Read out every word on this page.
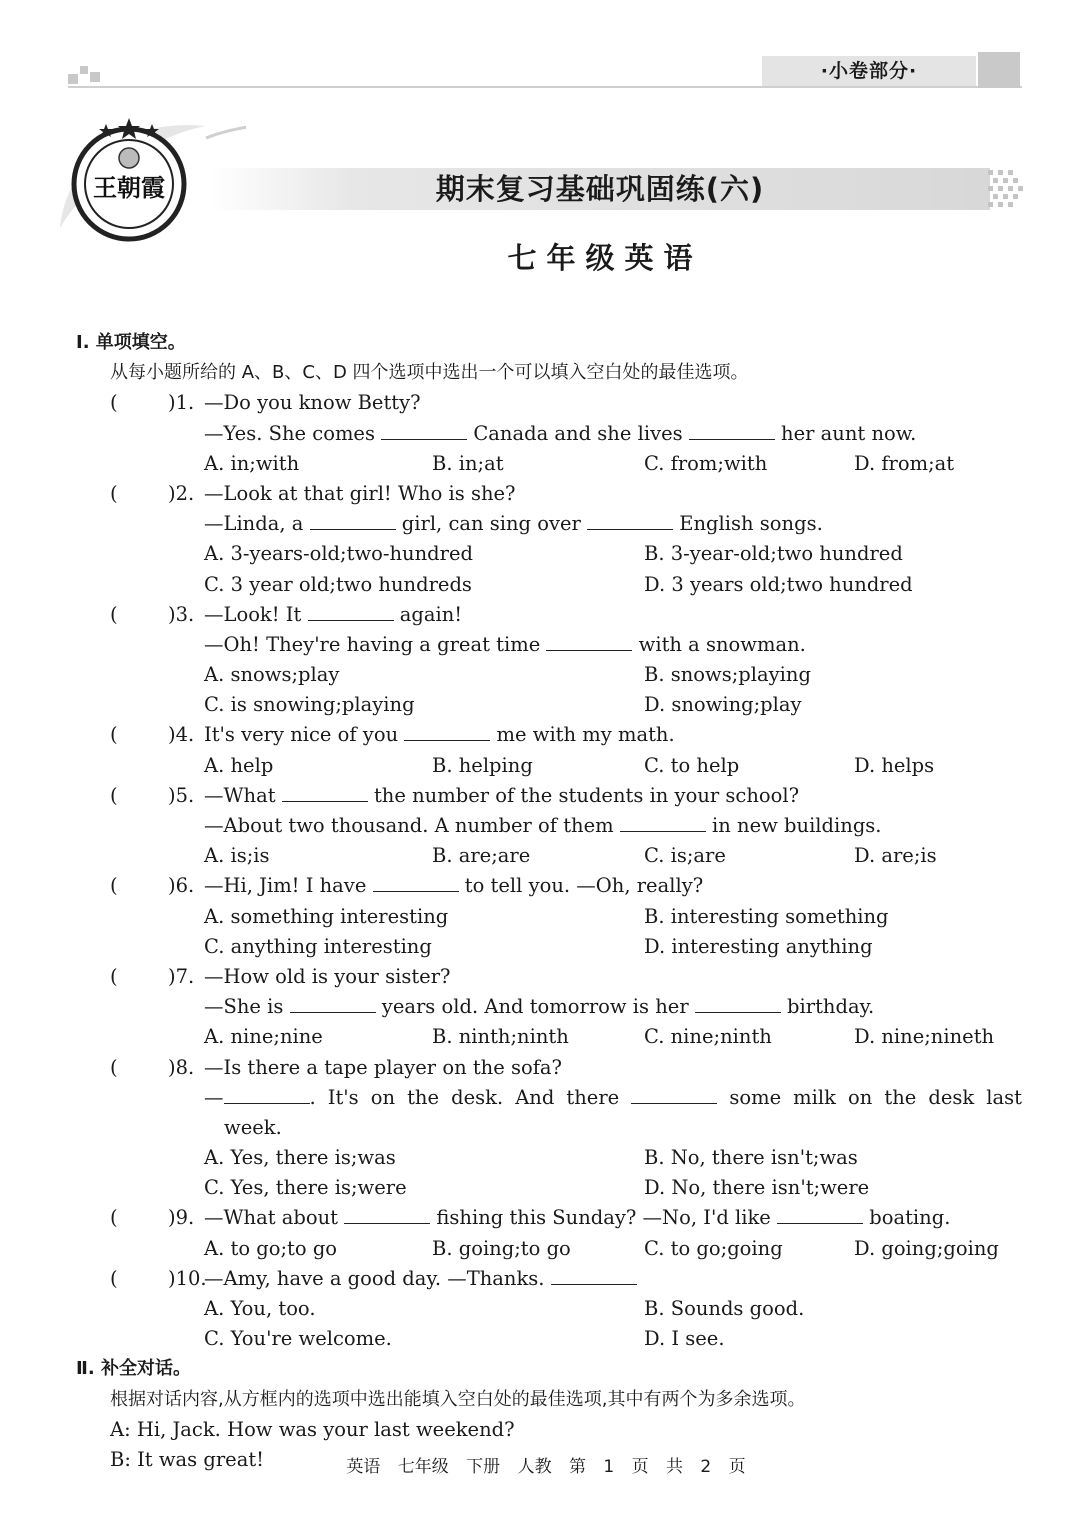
·小卷部分·
王朝霞	期末复习基础巩固练(六)
七年级英语
Ⅰ. 单项填空。
从每小题所给的 A、B、C、D 四个选项中选出一个可以填入空白处的最佳选项。
(	)1. —Do you know Betty?
—Yes. She comes	Canada and she lives	her aunt now.
A. in;with	B. in;at	C. from;with	D. from;at
(	)2. —Look at that girl! Who is she?
—Linda, a	girl, can sing over	English songs.
A. 3-years-old;two-hundred	B. 3-year-old;two hundred
C. 3 year old;two hundreds	D. 3 years old;two hundred
(	)3. —Look! It	again!
—Oh! They're having a great time	with a snowman.
A. snows;play	B. snows;playing
C. is snowing;playing	D. snowing;play
(	)4. It's very nice of you	me with my math.
A. help	B. helping	C. to help	D. helps
(	)5. —What	the number of the students in your school?
—About two thousand. A number of them	in new buildings.
A. is;is	B. are;are	C. is;are	D. are;is
(	)6. —Hi, Jim! I have	to tell you. —Oh, really?
A. something interesting	B. interesting something
C. anything interesting	D. interesting anything
(	)7. —How old is your sister?
—She is	years old. And tomorrow is her	birthday.
A. nine;nine	B. ninth;ninth	C. nine;ninth	D. nine;nineth
(	)8. —Is there a tape player on the sofa?
—	. It's on the desk. And there	some milk on the desk last
week.
A. Yes, there is;was	B. No, there isn't;was
C. Yes, there is;were	D. No, there isn't;were
(	)9. —What about	fishing this Sunday? —No, I'd like	boating.
A. to go;to go	B. going;to go	C. to go;going	D. going;going
(	)10.
—Amy, have a good day. —Thanks.
A. You, too.	B. Sounds good.
C. You're welcome.	D. I see.
Ⅱ. 补全对话。
根据对话内容,从方框内的选项中选出能填入空白处的最佳选项,其中有两个为多余选项。
A: Hi, Jack. How was your last weekend?
B: It was great!	英语 七年级 下册 人教 第 1 页 共 2 页
